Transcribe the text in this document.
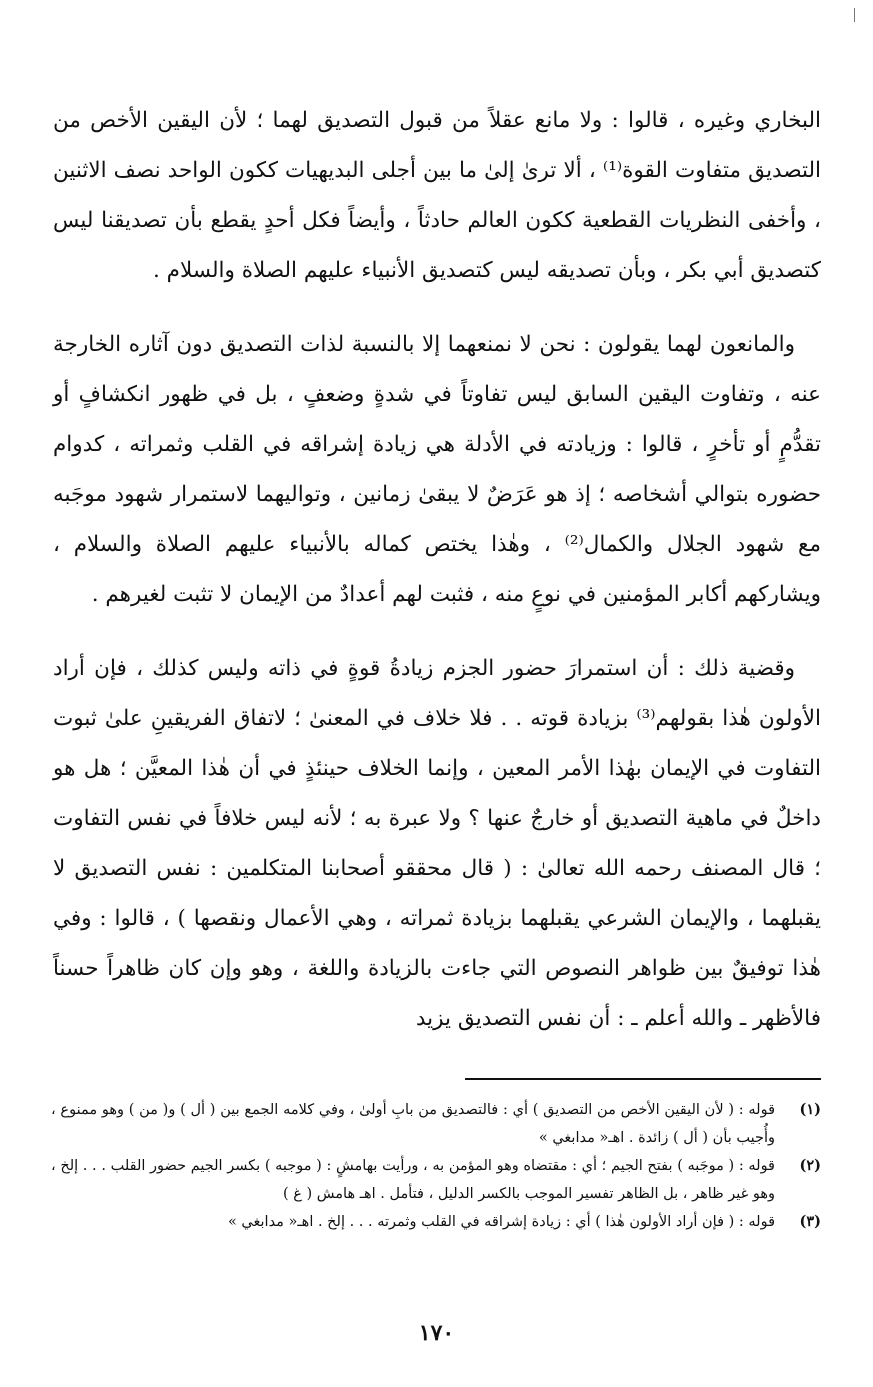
البخاري وغيره ، قالوا : ولا مانع عقلاً من قبول التصديق لهما ؛ لأن اليقين الأخص من التصديق متفاوت القوة⁽¹⁾ ، ألا ترىٰ إلىٰ ما بين أجلى البديهيات ككون الواحد نصف الاثنين ، وأخفى النظريات القطعية ككون العالم حادثاً ، وأيضاً فكل أحدٍ يقطع بأن تصديقنا ليس كتصديق أبي بكر ، وبأن تصديقه ليس كتصديق الأنبياء عليهم الصلاة والسلام .

والمانعون لهما يقولون : نحن لا نمنعهما إلا بالنسبة لذات التصديق دون آثاره الخارجة عنه ، وتفاوت اليقين السابق ليس تفاوتاً في شدةٍ وضعفٍ ، بل في ظهور انكشافٍ أو تقدُّمٍ أو تأخرٍ ، قالوا : وزيادته في الأدلة هي زيادة إشراقه في القلب وثمراته ، كدوام حضوره بتوالي أشخاصه ؛ إذ هو عَرَضٌ لا يبقىٰ زمانين ، وتواليهما لاستمرار شهود موجَبه مع شهود الجلال والكمال⁽²⁾ ، وهٰذا يختص كماله بالأنبياء عليهم الصلاة والسلام ، ويشاركهم أكابر المؤمنين في نوعٍ منه ، فثبت لهم أعدادٌ من الإيمان لا تثبت لغيرهم .

وقضية ذلك : أن استمرارَ حضور الجزم زيادةُ قوةٍ في ذاته وليس كذلك ، فإن أراد الأولون هٰذا بقولهم⁽³⁾ بزيادة قوته . . فلا خلاف في المعنىٰ ؛ لاتفاق الفريقينِ علىٰ ثبوت التفاوت في الإيمان بهٰذا الأمر المعين ، وإنما الخلاف حينئذٍ في أن هٰذا المعيَّن ؛ هل هو داخلٌ في ماهية التصديق أو خارجٌ عنها ؟ ولا عبرة به ؛ لأنه ليس خلافاً في نفس التفاوت ؛ قال المصنف رحمه الله تعالىٰ : ( قال محققو أصحابنا المتكلمين : نفس التصديق لا يقبلهما ، والإيمان الشرعي يقبلهما بزيادة ثمراته ، وهي الأعمال ونقصها ) ، قالوا : وفي هٰذا توفيقٌ بين ظواهر النصوص التي جاءت بالزيادة واللغة ، وهو وإن كان ظاهراً حسناً فالأظهر ـ والله أعلم ـ : أن نفس التصديق يزيد

(١)
قوله : ( لأن اليقين الأخص من التصديق ) أي : فالتصديق من بابِ أولىٰ ، وفي كلامه الجمع بين ( أل ) و( من ) وهو ممنوع ، وأُجيب بأن ( أل ) زائدة . اهـ« مدابغي »
(٢)
قوله : ( موجَبه ) بفتح الجيم ؛ أي : مقتضاه وهو المؤمن به ، ورأيت بهامشٍ : ( موجبه ) بكسر الجيم حضور القلب . . . إلخ ، وهو غير ظاهر ، بل الظاهر تفسير الموجب بالكسر الدليل ، فتأمل . اهـ هامش ( غ )
(٣)
قوله : ( فإن أراد الأولون هٰذا ) أي : زيادة إشراقه في القلب وثمرته . . . إلخ . اهـ« مدابغي »
١٧٠
